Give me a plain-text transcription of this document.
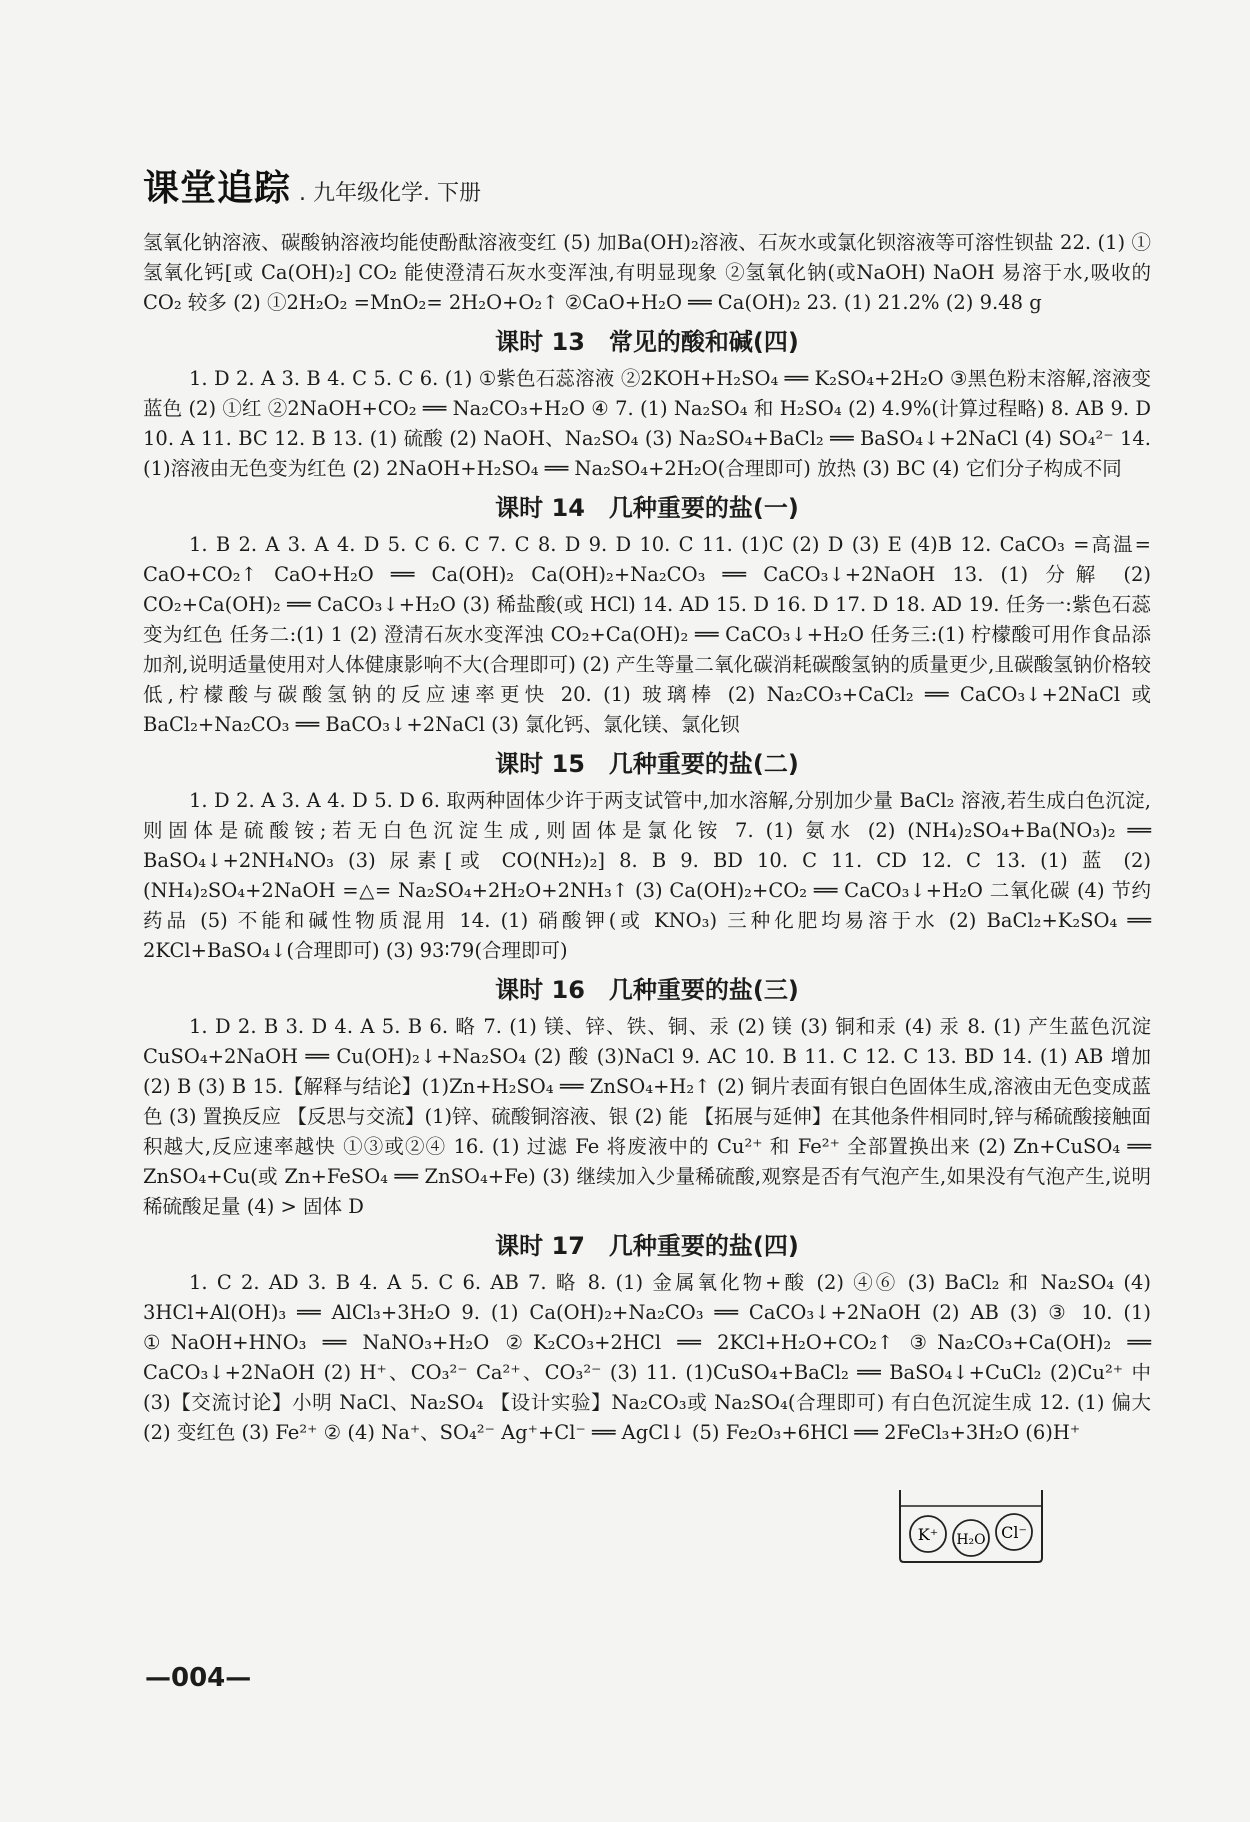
课堂追踪 . 九年级化学. 下册

氢氧化钠溶液、碳酸钠溶液均能使酚酞溶液变红 (5) 加Ba(OH)₂溶液、石灰水或氯化钡溶液等可溶性钡盐 22. (1) ①氢氧化钙[或 Ca(OH)₂] CO₂ 能使澄清石灰水变浑浊,有明显现象 ②氢氧化钠(或NaOH) NaOH 易溶于水,吸收的 CO₂ 较多 (2) ①2H₂O₂ =MnO₂= 2H₂O+O₂↑ ②CaO+H₂O ══ Ca(OH)₂ 23. (1) 21.2% (2) 9.48 g

课时 13　常见的酸和碱(四)

1. D 2. A 3. B 4. C 5. C 6. (1) ①紫色石蕊溶液 ②2KOH+H₂SO₄ ══ K₂SO₄+2H₂O ③黑色粉末溶解,溶液变蓝色 (2) ①红 ②2NaOH+CO₂ ══ Na₂CO₃+H₂O ④ 7. (1) Na₂SO₄ 和 H₂SO₄ (2) 4.9%(计算过程略) 8. AB 9. D 10. A 11. BC 12. B 13. (1) 硫酸 (2) NaOH、Na₂SO₄ (3) Na₂SO₄+BaCl₂ ══ BaSO₄↓+2NaCl (4) SO₄²⁻ 14. (1)溶液由无色变为红色 (2) 2NaOH+H₂SO₄ ══ Na₂SO₄+2H₂O(合理即可) 放热 (3) BC (4) 它们分子构成不同

课时 14　几种重要的盐(一)

1. B 2. A 3. A 4. D 5. C 6. C 7. C 8. D 9. D 10. C 11. (1)C (2) D (3) E (4)B 12. CaCO₃ =高温= CaO+CO₂↑ CaO+H₂O ══ Ca(OH)₂ Ca(OH)₂+Na₂CO₃ ══ CaCO₃↓+2NaOH 13. (1) 分解 (2) CO₂+Ca(OH)₂ ══ CaCO₃↓+H₂O (3) 稀盐酸(或 HCl) 14. AD 15. D 16. D 17. D 18. AD 19. 任务一:紫色石蕊 变为红色 任务二:(1) 1 (2) 澄清石灰水变浑浊 CO₂+Ca(OH)₂ ══ CaCO₃↓+H₂O 任务三:(1) 柠檬酸可用作食品添加剂,说明适量使用对人体健康影响不大(合理即可) (2) 产生等量二氧化碳消耗碳酸氢钠的质量更少,且碳酸氢钠价格较低,柠檬酸与碳酸氢钠的反应速率更快 20. (1) 玻璃棒 (2) Na₂CO₃+CaCl₂ ══ CaCO₃↓+2NaCl 或 BaCl₂+Na₂CO₃ ══ BaCO₃↓+2NaCl (3) 氯化钙、氯化镁、氯化钡

课时 15　几种重要的盐(二)

1. D 2. A 3. A 4. D 5. D 6. 取两种固体少许于两支试管中,加水溶解,分别加少量 BaCl₂ 溶液,若生成白色沉淀,则固体是硫酸铵;若无白色沉淀生成,则固体是氯化铵 7. (1) 氨水 (2) (NH₄)₂SO₄+Ba(NO₃)₂ ══ BaSO₄↓+2NH₄NO₃ (3) 尿素[或 CO(NH₂)₂] 8. B 9. BD 10. C 11. CD 12. C 13. (1) 蓝 (2) (NH₄)₂SO₄+2NaOH =△= Na₂SO₄+2H₂O+2NH₃↑ (3) Ca(OH)₂+CO₂ ══ CaCO₃↓+H₂O 二氧化碳 (4) 节约药品 (5) 不能和碱性物质混用 14. (1) 硝酸钾(或 KNO₃) 三种化肥均易溶于水 (2) BaCl₂+K₂SO₄ ══ 2KCl+BaSO₄↓(合理即可) (3) 93∶79(合理即可)

课时 16　几种重要的盐(三)

1. D 2. B 3. D 4. A 5. B 6. 略 7. (1) 镁、锌、铁、铜、汞 (2) 镁 (3) 铜和汞 (4) 汞 8. (1) 产生蓝色沉淀 CuSO₄+2NaOH ══ Cu(OH)₂↓+Na₂SO₄ (2) 酸 (3)NaCl 9. AC 10. B 11. C 12. C 13. BD 14. (1) AB 增加 (2) B (3) B 15.【解释与结论】(1)Zn+H₂SO₄ ══ ZnSO₄+H₂↑ (2) 铜片表面有银白色固体生成,溶液由无色变成蓝色 (3) 置换反应 【反思与交流】(1)锌、硫酸铜溶液、银 (2) 能 【拓展与延伸】在其他条件相同时,锌与稀硫酸接触面积越大,反应速率越快 ①③或②④ 16. (1) 过滤 Fe 将废液中的 Cu²⁺ 和 Fe²⁺ 全部置换出来 (2) Zn+CuSO₄ ══ ZnSO₄+Cu(或 Zn+FeSO₄ ══ ZnSO₄+Fe) (3) 继续加入少量稀硫酸,观察是否有气泡产生,如果没有气泡产生,说明稀硫酸足量 (4) > 固体 D

课时 17　几种重要的盐(四)

1. C 2. AD 3. B 4. A 5. C 6. AB 7. 略 8. (1) 金属氧化物+酸 (2) ④⑥ (3) BaCl₂ 和 Na₂SO₄ (4) 3HCl+Al(OH)₃ ══ AlCl₃+3H₂O 9. (1) Ca(OH)₂+Na₂CO₃ ══ CaCO₃↓+2NaOH (2) AB (3) ③ 10. (1) ①NaOH+HNO₃ ══ NaNO₃+H₂O ②K₂CO₃+2HCl ══ 2KCl+H₂O+CO₂↑ ③Na₂CO₃+Ca(OH)₂ ══ CaCO₃↓+2NaOH (2) H⁺、CO₃²⁻ Ca²⁺、CO₃²⁻ (3) 11. (1)CuSO₄+BaCl₂ ══ BaSO₄↓+CuCl₂ (2)Cu²⁺ 中 (3)【交流讨论】小明 NaCl、Na₂SO₄ 【设计实验】Na₂CO₃或 Na₂SO₄(合理即可) 有白色沉淀生成 12. (1) 偏大 (2) 变红色 (3) Fe²⁺ ② (4) Na⁺、SO₄²⁻ Ag⁺+Cl⁻ ══ AgCl↓ (5) Fe₂O₃+6HCl ══ 2FeCl₃+3H₂O (6)H⁺

K⁺ H₂O Cl⁻
—004—
